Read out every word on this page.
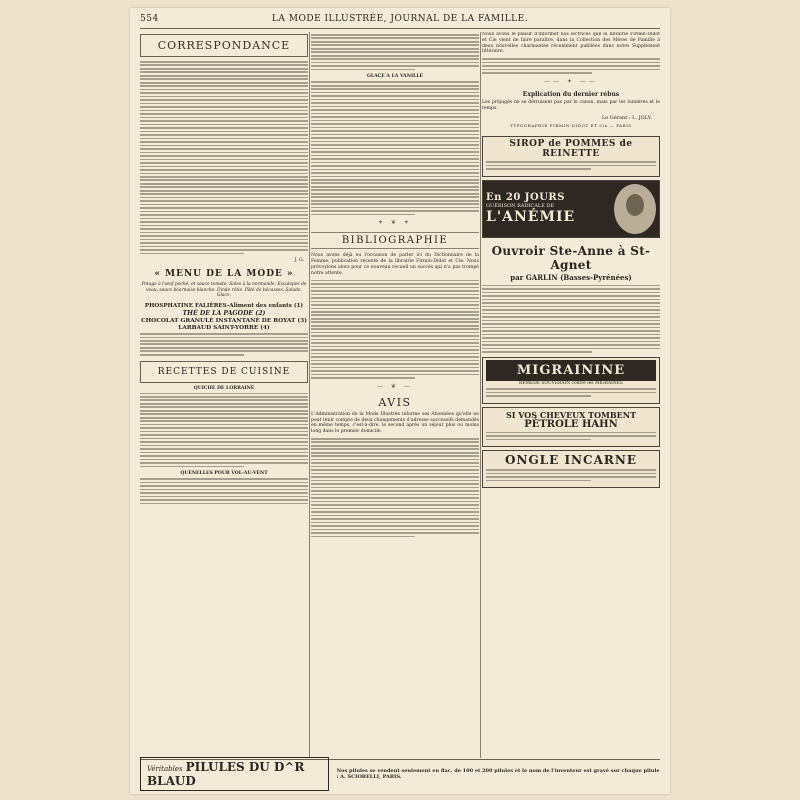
554	LA MODE ILLUSTRÉE, JOURNAL DE LA FAMILLE.
CORRESPONDANCE
J. G.
« MENU DE LA MODE »
Potage à l'œuf poché, et sauce tomate. Soles à la normande. Escalopes de veau, sauce béarnaise blanche. Dinde rôtie. Pâté de bécasses. Salade. Glace.
PHOSPHATINE FALIÈRES-Aliment des enfants (1)
THÉ DE LA PAGODE (2)
CHOCOLAT GRANULÉ INSTANTANÉ DE ROYAT (3)
LARBAUD SAINT-YORRE (4)
RECETTES DE CUISINE
QUICHE DE LORRAINE
QUENELLES POUR VOL-AU-VENT
GLACE A LA VANILLE
✦ ❦ ✦
BIBLIOGRAPHIE

Nous avons déjà eu l'occasion de parler ici du Dictionnaire de la Femme, publication récente de la librairie Firmin-Didot et Cie. Nous prévoyions alors pour ce nouveau recueil un succès qui n'a pas trompé notre attente.

— ❦ —
AVIS

L'Administration de la Mode Illustrée informe ses Abonnées qu'elle ne peut tenir compte de deux changements d'adresse successifs demandés en même temps, c'est-à-dire, le second après un séjour plus ou moins long dans le premier domicile.

Nous avons le plaisir d'informer nos lectrices que la librairie Firmin-Didot et Cie vient de faire paraître, dans la Collection des Mères de Famille à deux nouvelles charmantes récemment publiées dans notre Supplément littéraire.

—— ✦ ——
Explication du dernier rébus

Les préjugés ne se détruisent pas par le canon, mais par les lumières et le temps.

Le Gérant : L. JOLY.
TYPOGRAPHIE FIRMIN-DIDOT ET Cie — PARIS
SIROP de POMMES de REINETTE
En 20 JOURS
GUÉRISON RADICALE DE
L'ANÉMIE
Ouvroir Ste-Anne à St-Agnet
par GARLIN (Basses-Pyrénées)
MIGRAININE
REMÈDE SOUVERAIN contre les MIGRAINES
SI VOS CHEVEUX TOMBENT
PÉTROLE HAHN
ONGLE INCARNE
Véritables PILULES DU D^R BLAUD
Nos pilules se vendent seulement en flac. de 100 et 200 pilules et le nom de l'inventeur est gravé sur chaque pilule : A. SCIORELLI, PARIS.
